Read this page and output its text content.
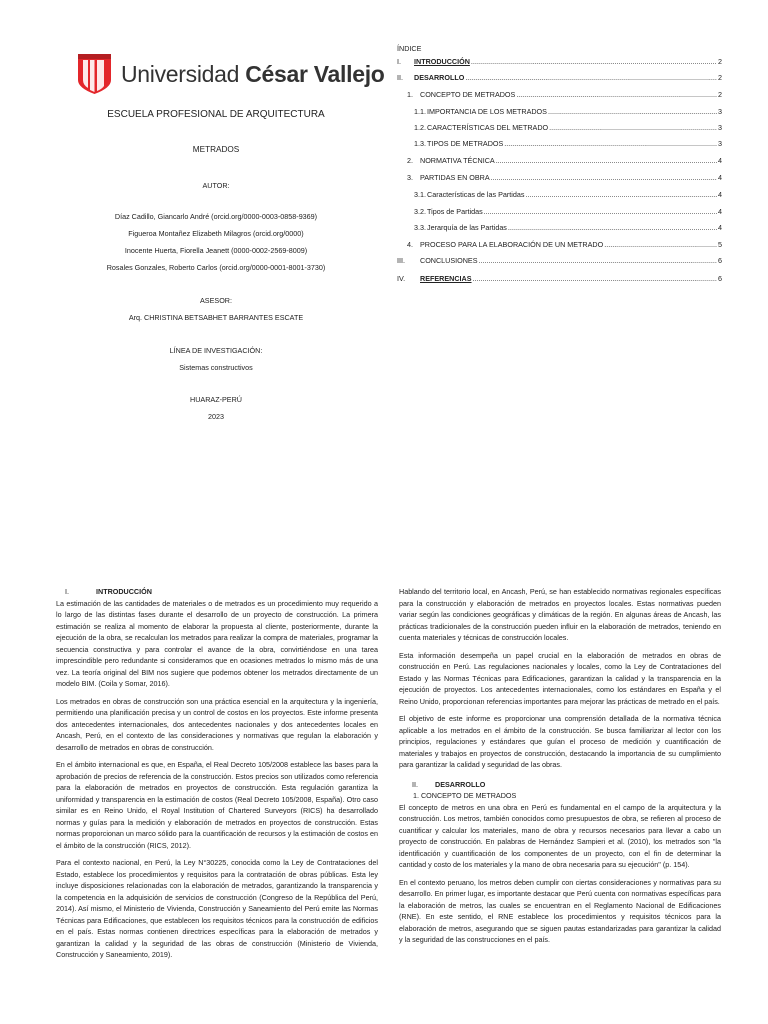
Universidad César Vallejo
ESCUELA PROFESIONAL DE ARQUITECTURA
METRADOS
AUTOR:
Díaz Cadillo, Giancarlo André (orcid.org/0000-0003-0858-9369)
Figueroa Montañez Elizabeth Milagros (orcid.org/0000)
Inocente Huerta, Fiorella Jeanett (0000-0002-2569-8009)
Rosales Gonzales, Roberto Carlos (orcid.org/0000-0001-8001-3730)
ASESOR:
Arq. CHRISTINA BETSABHET BARRANTES ESCATE
LÍNEA DE INVESTIGACIÓN:
Sistemas constructivos
HUARAZ-PERÚ
2023
ÍNDICE
I.	INTRODUCCIÓN .....	2
II.	DESARROLLO .....	2
1. CONCEPTO DE METRADOS .....	2
1.1. IMPORTANCIA DE LOS METRADOS .....	3
1.2. CARACTERÍSTICAS DEL METRADO .....	3
1.3. TIPOS DE METRADOS .....	3
2. NORMATIVA TÉCNICA .....	4
3. PARTIDAS EN OBRA .....	4
3.1. Características de las Partidas .....	4
3.2. Tipos de Partidas .....	4
3.3. Jerarquía de las Partidas .....	4
4. PROCESO PARA LA ELABORACIÓN DE UN METRADO .....	5
III.	CONCLUSIONES .....	6
IV.	REFERENCIAS .....	6
I.	INTRODUCCIÓN

La estimación de las cantidades de materiales o de metrados es un procedimiento muy requerido a lo largo de las distintas fases durante el desarrollo de un proyecto de construcción. La primera estimación se realiza al momento de elaborar la propuesta al cliente, posteriormente, durante la ejecución de la obra, se recalculan los metrados para realizar la compra de materiales, programar la secuencia constructiva y para controlar el avance de la obra, convirtiéndose en una tarea imprescindible pero redundante si consideramos que en ocasiones metrados lo mismo más de una vez. La teoría original del BIM nos sugiere que podemos obtener los metrados directamente de un modelo BIM. (Coila y Somar, 2016).

Los metrados en obras de construcción son una práctica esencial en la arquitectura y la ingeniería, permitiendo una planificación precisa y un control de costos en los proyectos. Este informe presenta dos antecedentes internacionales, dos antecedentes nacionales y dos antecedentes locales en Ancash, Perú, en el contexto de las consideraciones y normativas que regulan la elaboración y desarrollo de metrados en obras de construcción.

En el ámbito internacional es que, en España, el Real Decreto 105/2008 establece las bases para la aprobación de precios de referencia de la construcción. Estos precios son utilizados como referencia para la elaboración de metrados en proyectos de construcción. Esta regulación garantiza la uniformidad y transparencia en la estimación de costos (Real Decreto 105/2008, España). Otro caso similar es en Reino Unido, el Royal Institution of Chartered Surveyors (RICS) ha desarrollado normas y guías para la medición y elaboración de metrados en proyectos de construcción. Estas normas proporcionan un marco sólido para la cuantificación de recursos y la estimación de costos en el ámbito de la construcción (RICS, 2012).

Para el contexto nacional, en Perú, la Ley N°30225, conocida como la Ley de Contrataciones del Estado, establece los procedimientos y requisitos para la contratación de obras públicas. Esta ley incluye disposiciones relacionadas con la elaboración de metrados, garantizando la transparencia y la competencia en la adquisición de servicios de construcción (Congreso de la República del Perú, 2014). Así mismo, el Ministerio de Vivienda, Construcción y Saneamiento del Perú emite las Normas Técnicas para Edificaciones, que establecen los requisitos técnicos para la construcción de edificios en el país. Estas normas contienen directrices específicas para la elaboración de metrados y garantizan la calidad y la seguridad de las obras de construcción (Ministerio de Vivienda, Construcción y Saneamiento, 2019).

Hablando del territorio local, en Ancash, Perú, se han establecido normativas regionales específicas para la construcción y elaboración de metrados en proyectos locales. Estas normativas pueden variar según las condiciones geográficas y climáticas de la región. En algunas áreas de Ancash, las prácticas tradicionales de la construcción pueden influir en la elaboración de metrados, teniendo en cuenta materiales y técnicas de construcción locales.

Esta información desempeña un papel crucial en la elaboración de metrados en obras de construcción en Perú. Las regulaciones nacionales y locales, como la Ley de Contrataciones del Estado y las Normas Técnicas para Edificaciones, garantizan la calidad y la transparencia en la ejecución de proyectos. Los antecedentes internacionales, como los estándares en España y el Reino Unido, proporcionan referencias importantes para mejorar las prácticas de metrado en el país.

El objetivo de este informe es proporcionar una comprensión detallada de la normativa técnica aplicable a los metrados en el ámbito de la construcción. Se busca familiarizar al lector con los principios, regulaciones y estándares que guían el proceso de medición y cuantificación de materiales y trabajos en proyectos de construcción, destacando la importancia de su cumplimiento para garantizar la calidad y seguridad de las obras.

II. DESARROLLO
1. CONCEPTO DE METRADOS

El concepto de metros en una obra en Perú es fundamental en el campo de la arquitectura y la construcción. Los metros, también conocidos como presupuestos de obra, se refieren al proceso de cuantificar y calcular los materiales, mano de obra y recursos necesarios para llevar a cabo un proyecto de construcción. En palabras de Hernández Sampieri et al. (2010), los metrados son "la identificación y cuantificación de los componentes de un proyecto, con el fin de determinar la cantidad y costo de los materiales y la mano de obra necesaria para su ejecución" (p. 154).

En el contexto peruano, los metros deben cumplir con ciertas consideraciones y normativas para su desarrollo. En primer lugar, es importante destacar que Perú cuenta con normativas específicas para la elaboración de metros, las cuales se encuentran en el Reglamento Nacional de Edificaciones (RNE). En este sentido, el RNE establece los procedimientos y requisitos técnicos para la elaboración de metros, asegurando que se siguen pautas estandarizadas para garantizar la calidad y la seguridad de las construcciones en el país.
